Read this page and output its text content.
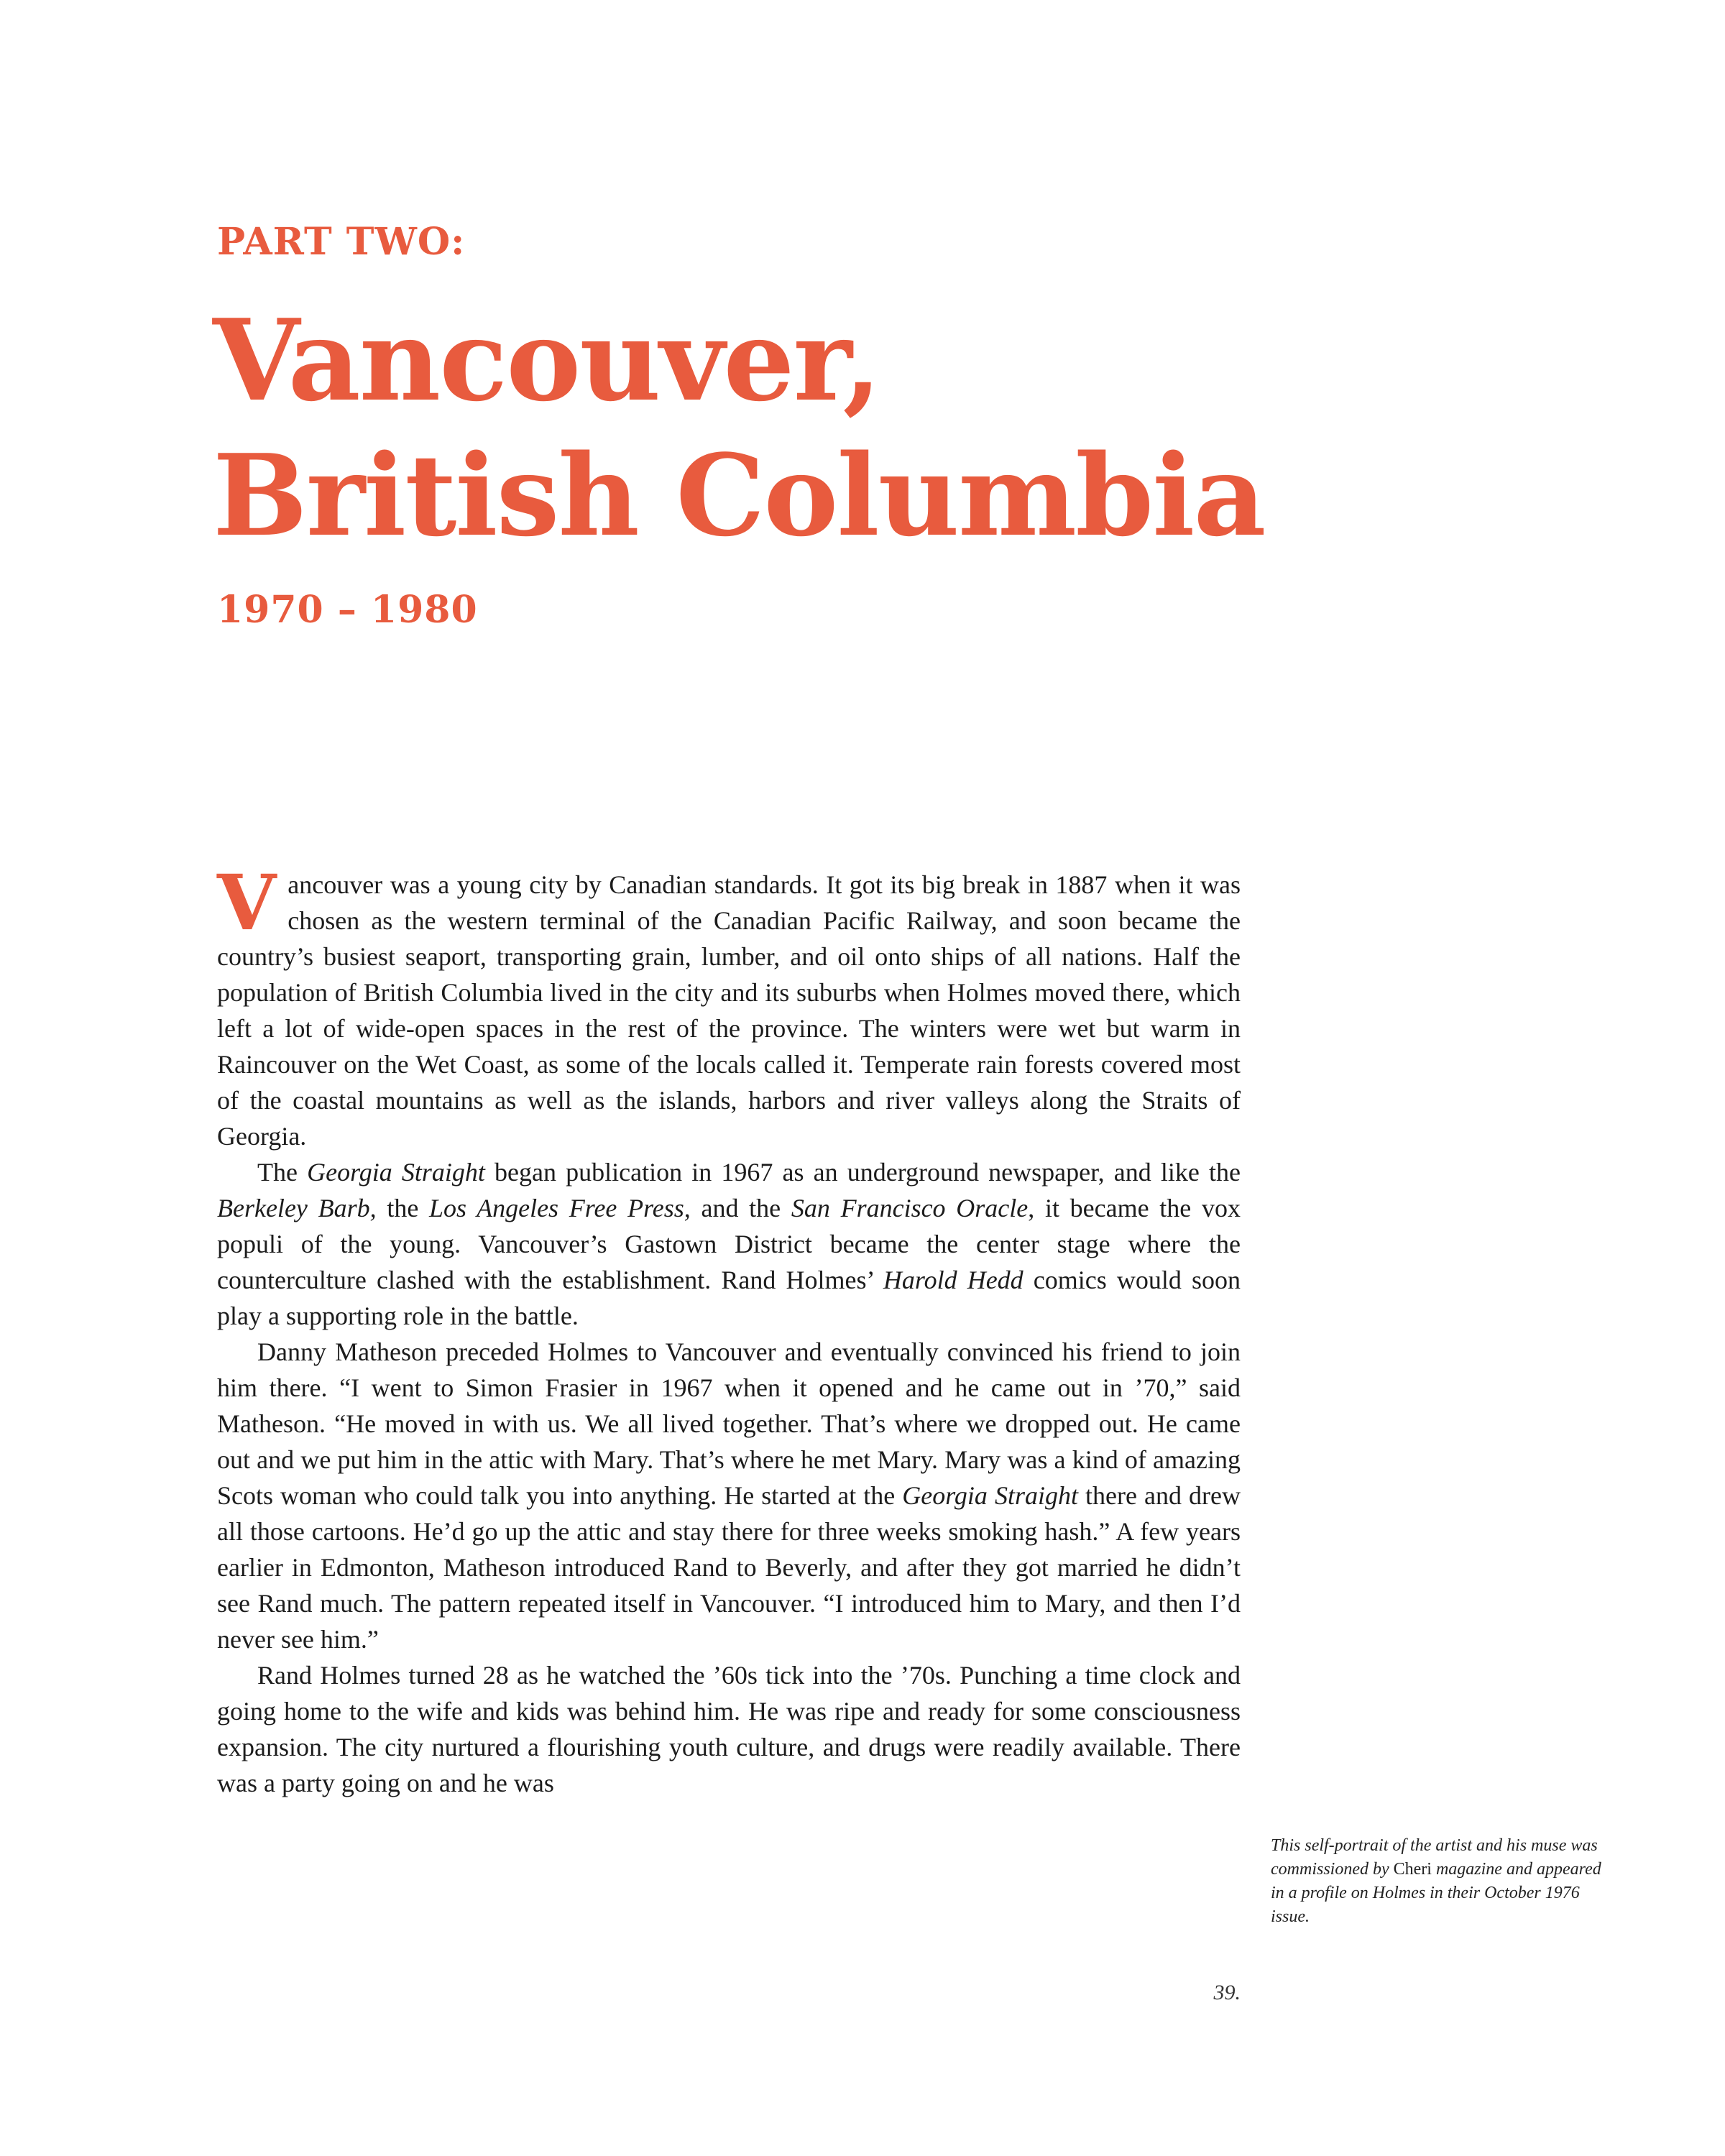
PART TWO:
Vancouver,
British Columbia
1970 – 1980

Vancouver was a young city by Canadian standards. It got its big break in 1887 when it was chosen as the western terminal of the Canadian Pacific Railway, and soon became the country’s busiest seaport, transporting grain, lumber, and oil onto ships of all nations. Half the population of British Columbia lived in the city and its suburbs when Holmes moved there, which left a lot of wide-open spaces in the rest of the province. The winters were wet but warm in Raincouver on the Wet Coast, as some of the locals called it. Temperate rain forests covered most of the coastal mountains as well as the islands, harbors and river valleys along the Straits of Georgia.

The Georgia Straight began publication in 1967 as an underground newspaper, and like the Berkeley Barb, the Los Angeles Free Press, and the San Francisco Oracle, it became the vox populi of the young. Vancouver’s Gastown District became the center stage where the counterculture clashed with the establishment. Rand Holmes’ Harold Hedd comics would soon play a supporting role in the battle.

Danny Matheson preceded Holmes to Vancouver and eventually convinced his friend to join him there. “I went to Simon Frasier in 1967 when it opened and he came out in ’70,” said Matheson. “He moved in with us. We all lived together. That’s where we dropped out. He came out and we put him in the attic with Mary. That’s where he met Mary. Mary was a kind of amazing Scots woman who could talk you into anything. He started at the Georgia Straight there and drew all those cartoons. He’d go up the attic and stay there for three weeks smoking hash.” A few years earlier in Edmonton, Matheson introduced Rand to Beverly, and after they got married he didn’t see Rand much. The pattern repeated itself in Vancouver. “I introduced him to Mary, and then I’d never see him.”

Rand Holmes turned 28 as he watched the ’60s tick into the ’70s. Punching a time clock and going home to the wife and kids was behind him. He was ripe and ready for some consciousness expansion. The city nurtured a flourishing youth culture, and drugs were readily available. There was a party going on and he was

This self-portrait of the artist and his muse was commissioned by Cheri magazine and appeared in a profile on Holmes in their October 1976 issue.
39.
